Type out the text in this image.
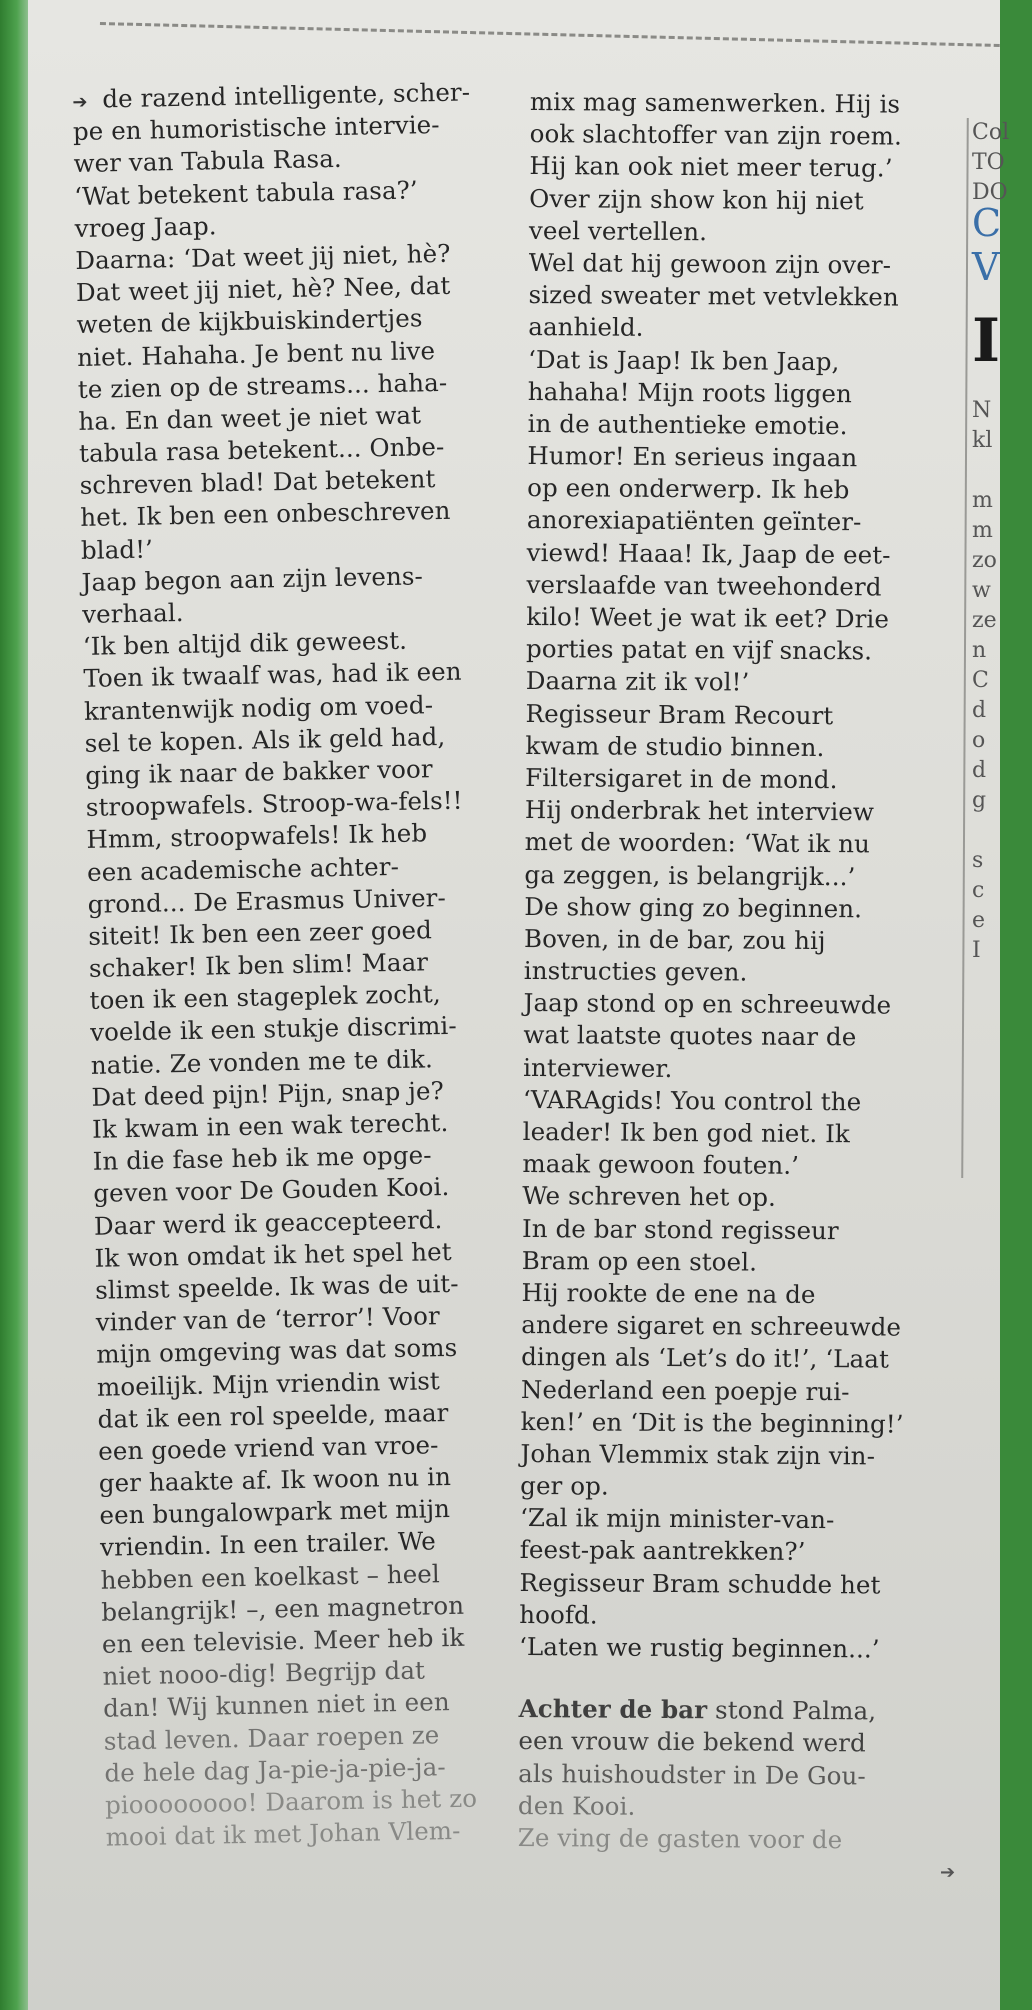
➔ de razend intelligente, scher-
pe en humoristische intervie-
wer van Tabula Rasa.
‘Wat betekent tabula rasa?’
vroeg Jaap.
Daarna: ‘Dat weet jij niet, hè?
Dat weet jij niet, hè? Nee, dat
weten de kijkbuiskindertjes
niet. Hahaha. Je bent nu live
te zien op de streams... haha-
ha. En dan weet je niet wat
tabula rasa betekent... Onbe-
schreven blad! Dat betekent
het. Ik ben een onbeschreven
blad!’
Jaap begon aan zijn levens-
verhaal.
‘Ik ben altijd dik geweest.
Toen ik twaalf was, had ik een
krantenwijk nodig om voed-
sel te kopen. Als ik geld had,
ging ik naar de bakker voor
stroopwafels. Stroop-wa-fels!!
Hmm, stroopwafels! Ik heb
een academische achter-
grond... De Erasmus Univer-
siteit! Ik ben een zeer goed
schaker! Ik ben slim! Maar
toen ik een stageplek zocht,
voelde ik een stukje discrimi-
natie. Ze vonden me te dik.
Dat deed pijn! Pijn, snap je?
Ik kwam in een wak terecht.
In die fase heb ik me opge-
geven voor De Gouden Kooi.
Daar werd ik geaccepteerd.
Ik won omdat ik het spel het
slimst speelde. Ik was de uit-
vinder van de ‘terror’! Voor
mijn omgeving was dat soms
moeilijk. Mijn vriendin wist
dat ik een rol speelde, maar
een goede vriend van vroe-
ger haakte af. Ik woon nu in
een bungalowpark met mijn
vriendin. In een trailer. We
hebben een koelkast – heel
belangrijk! –, een magnetron
en een televisie. Meer heb ik
niet nooo-dig! Begrijp dat
dan! Wij kunnen niet in een
stad leven. Daar roepen ze
de hele dag Ja-pie-ja-pie-ja-
pioooooooo! Daarom is het zo
mooi dat ik met Johan Vlem-
mix mag samenwerken. Hij is
ook slachtoffer van zijn roem.
Hij kan ook niet meer terug.’
Over zijn show kon hij niet
veel vertellen.
Wel dat hij gewoon zijn over-
sized sweater met vetvlekken
aanhield.
‘Dat is Jaap! Ik ben Jaap,
hahaha! Mijn roots liggen
in de authentieke emotie.
Humor! En serieus ingaan
op een onderwerp. Ik heb
anorexiapatiënten geïnter-
viewd! Haaa! Ik, Jaap de eet-
verslaafde van tweehonderd
kilo! Weet je wat ik eet? Drie
porties patat en vijf snacks.
Daarna zit ik vol!’
Regisseur Bram Recourt
kwam de studio binnen.
Filtersigaret in de mond.
Hij onderbrak het interview
met de woorden: ‘Wat ik nu
ga zeggen, is belangrijk...’
De show ging zo beginnen.
Boven, in de bar, zou hij
instructies geven.
Jaap stond op en schreeuwde
wat laatste quotes naar de
interviewer.
‘VARAgids! You control the
leader! Ik ben god niet. Ik
maak gewoon fouten.’
We schreven het op.
In de bar stond regisseur
Bram op een stoel.
Hij rookte de ene na de
andere sigaret en schreeuwde
dingen als ‘Let’s do it!’, ‘Laat
Nederland een poepje rui-
ken!’ en ‘Dit is the beginning!’
Johan Vlemmix stak zijn vin-
ger op.
‘Zal ik mijn minister-van-
feest-pak aantrekken?’
Regisseur Bram schudde het
hoofd.
‘Laten we rustig beginnen...’
Achter de bar stond Palma,
een vrouw die bekend werd
als huishoudster in De Gou-
den Kooi.
Ze ving de gasten voor de
Col
TO
DO
C
V
I
N
kl
m
m
zo
w
ze
n
C
d
o
d
g
s
c
e
I
➔
